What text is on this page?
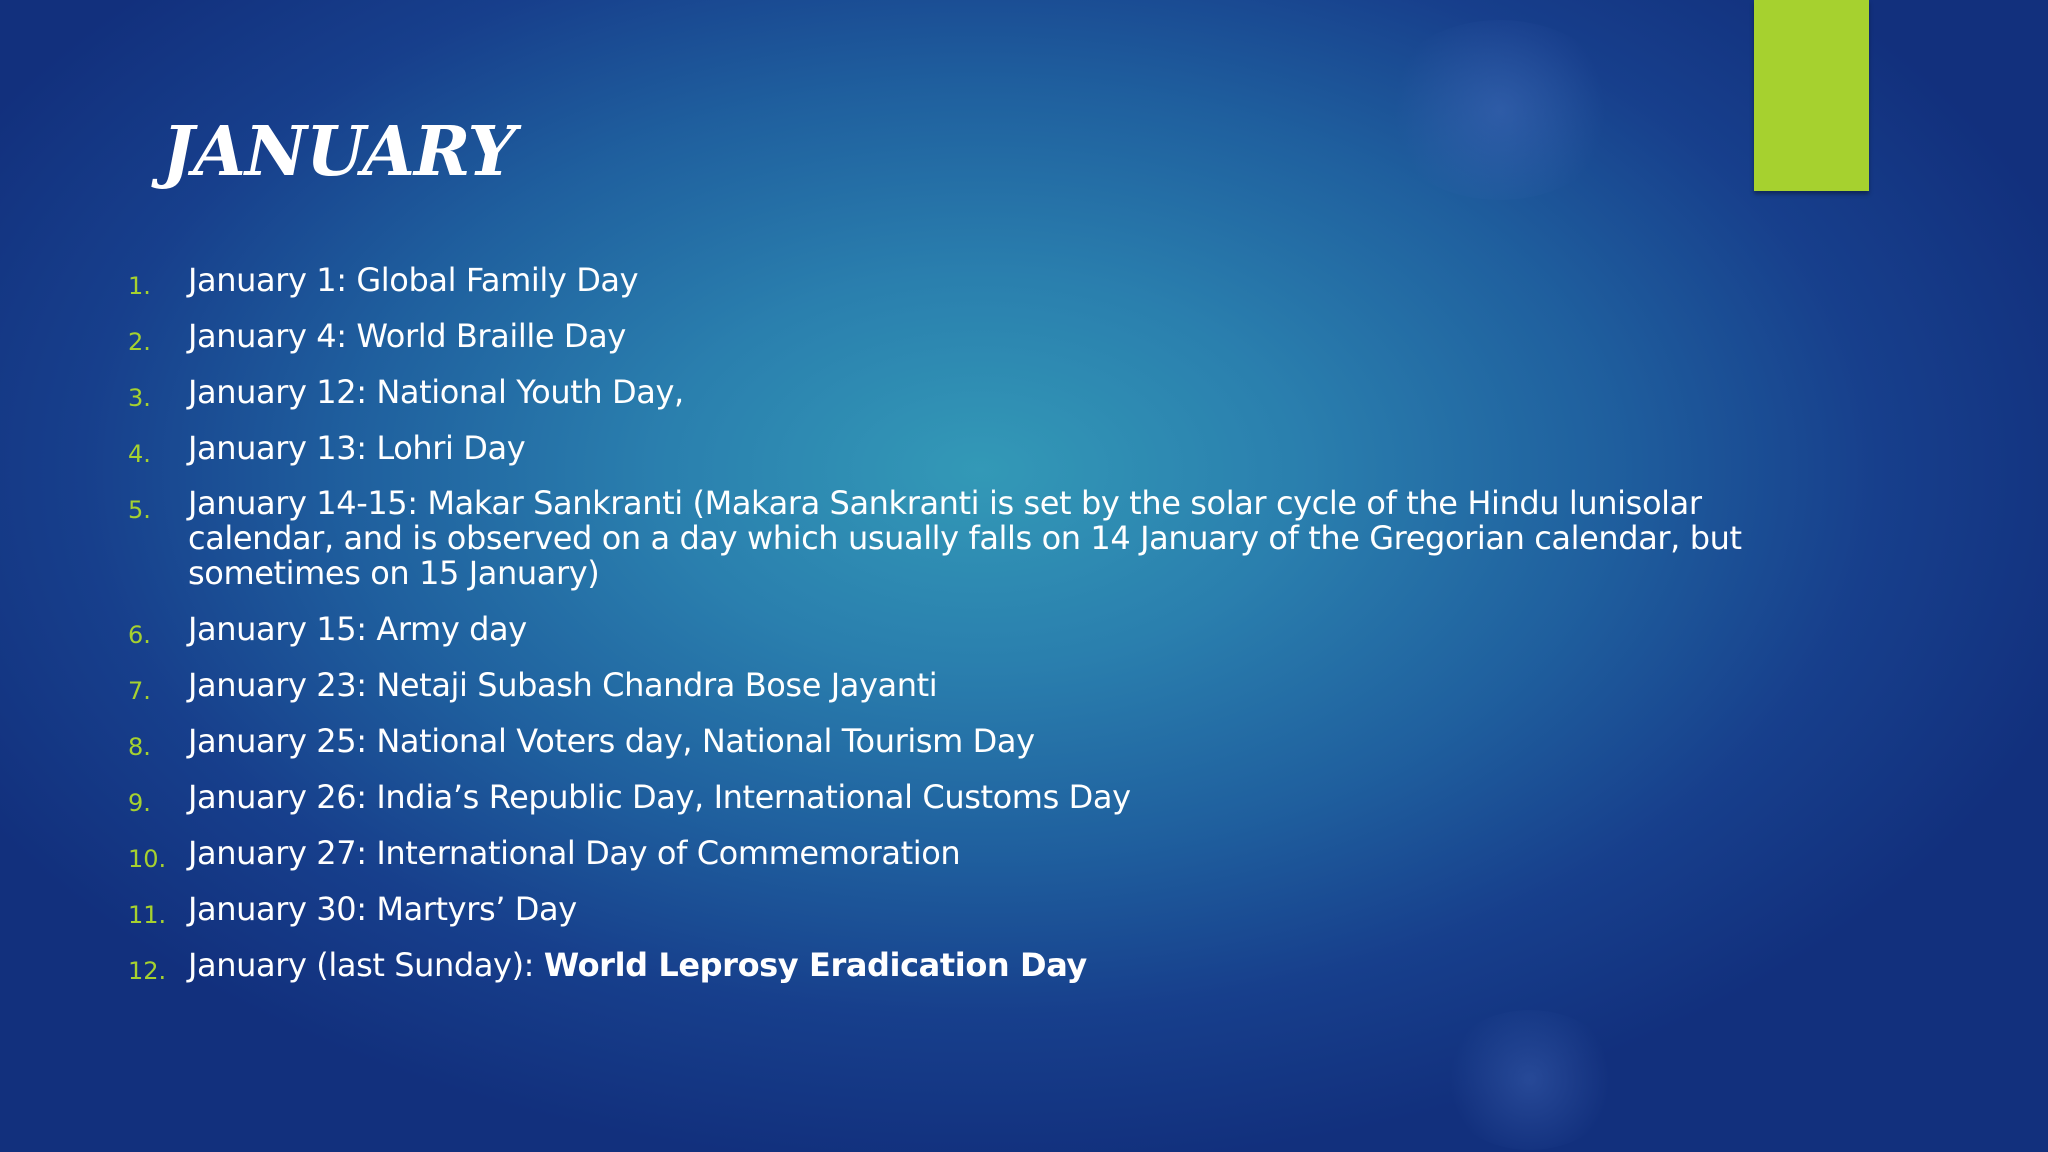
JANUARY
1.	January 1: Global Family Day
2.	January 4: World Braille Day
3.	January 12: National Youth Day,
4.	January 13: Lohri Day
5.	January 14-15: Makar Sankranti (Makara Sankranti is set by the solar cycle of the Hindu lunisolar calendar, and is observed on a day which usually falls on 14 January of the Gregorian calendar, but sometimes on 15 January)
6.	January 15: Army day
7.	January 23: Netaji Subash Chandra Bose Jayanti
8.	January 25: National Voters day, National Tourism Day
9.	January 26: India’s Republic Day, International Customs Day
10. January 27: International Day of Commemoration
11. January 30: Martyrs’ Day
12. January (last Sunday): World Leprosy Eradication Day
